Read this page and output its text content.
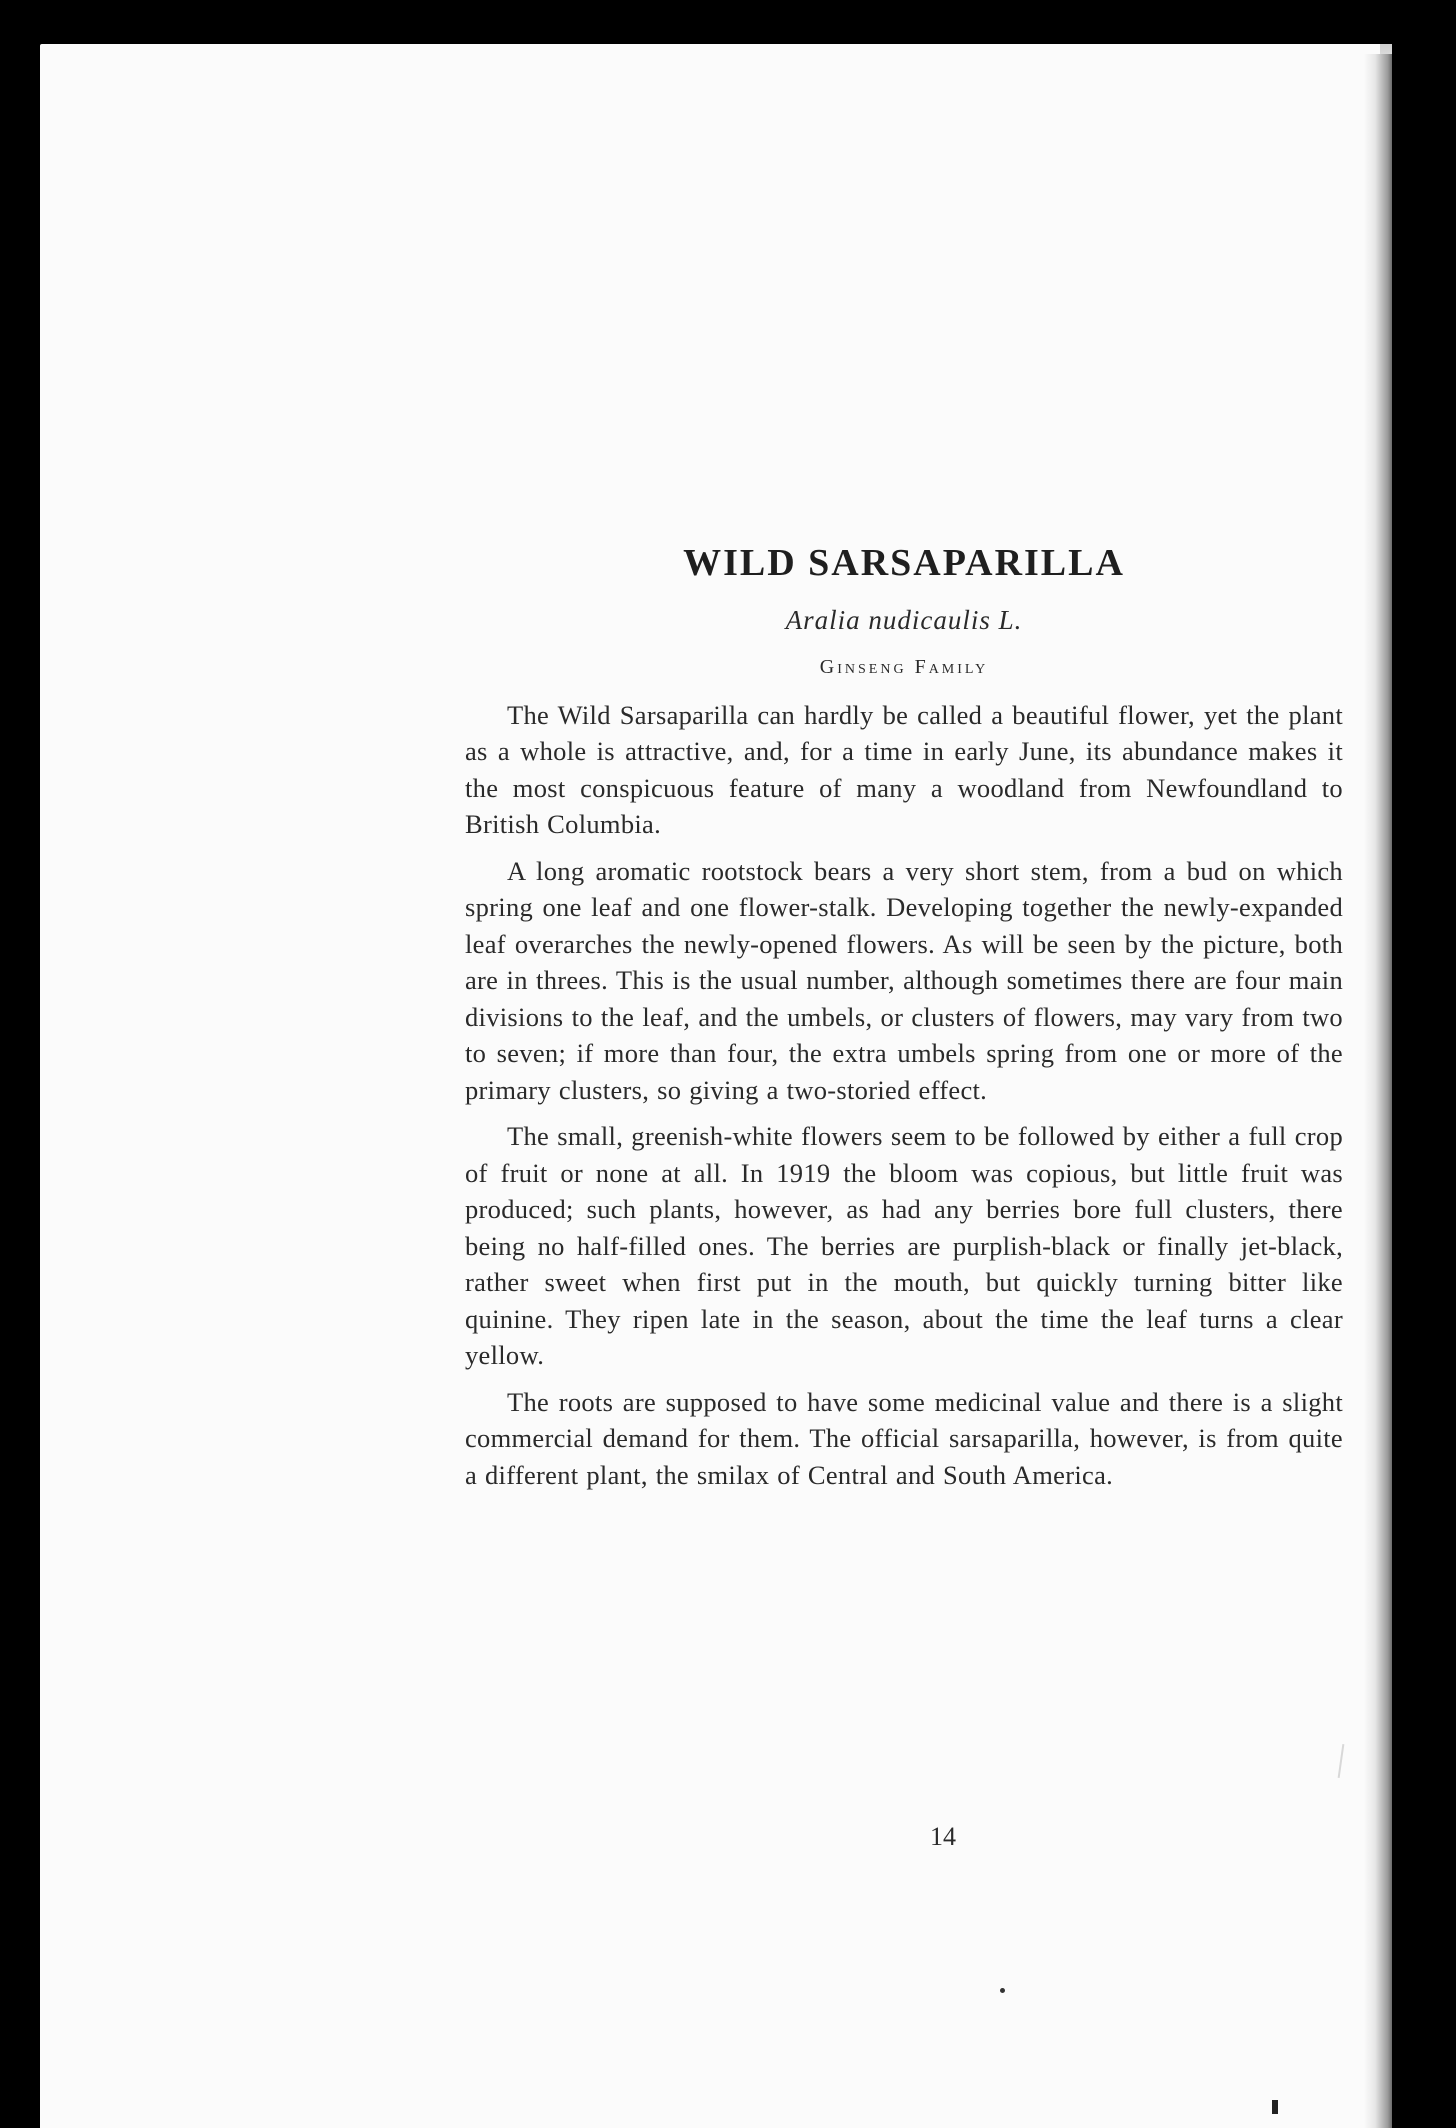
WILD SARSAPARILLA
Aralia nudicaulis L.
Ginseng Family

The Wild Sarsaparilla can hardly be called a beautiful flower, yet the plant as a whole is attractive, and, for a time in early June, its abundance makes it the most conspicuous feature of many a woodland from Newfoundland to British Columbia.

A long aromatic rootstock bears a very short stem, from a bud on which spring one leaf and one flower-stalk. Developing together the newly-expanded leaf overarches the newly-opened flowers. As will be seen by the picture, both are in threes. This is the usual number, although sometimes there are four main divisions to the leaf, and the umbels, or clusters of flowers, may vary from two to seven; if more than four, the extra umbels spring from one or more of the primary clusters, so giving a two-storied effect.

The small, greenish-white flowers seem to be followed by either a full crop of fruit or none at all. In 1919 the bloom was copious, but little fruit was produced; such plants, however, as had any berries bore full clusters, there being no half-filled ones. The berries are purplish-black or finally jet-black, rather sweet when first put in the mouth, but quickly turning bitter like quinine. They ripen late in the season, about the time the leaf turns a clear yellow.

The roots are supposed to have some medicinal value and there is a slight commercial demand for them. The official sarsaparilla, however, is from quite a different plant, the smilax of Central and South America.

14
